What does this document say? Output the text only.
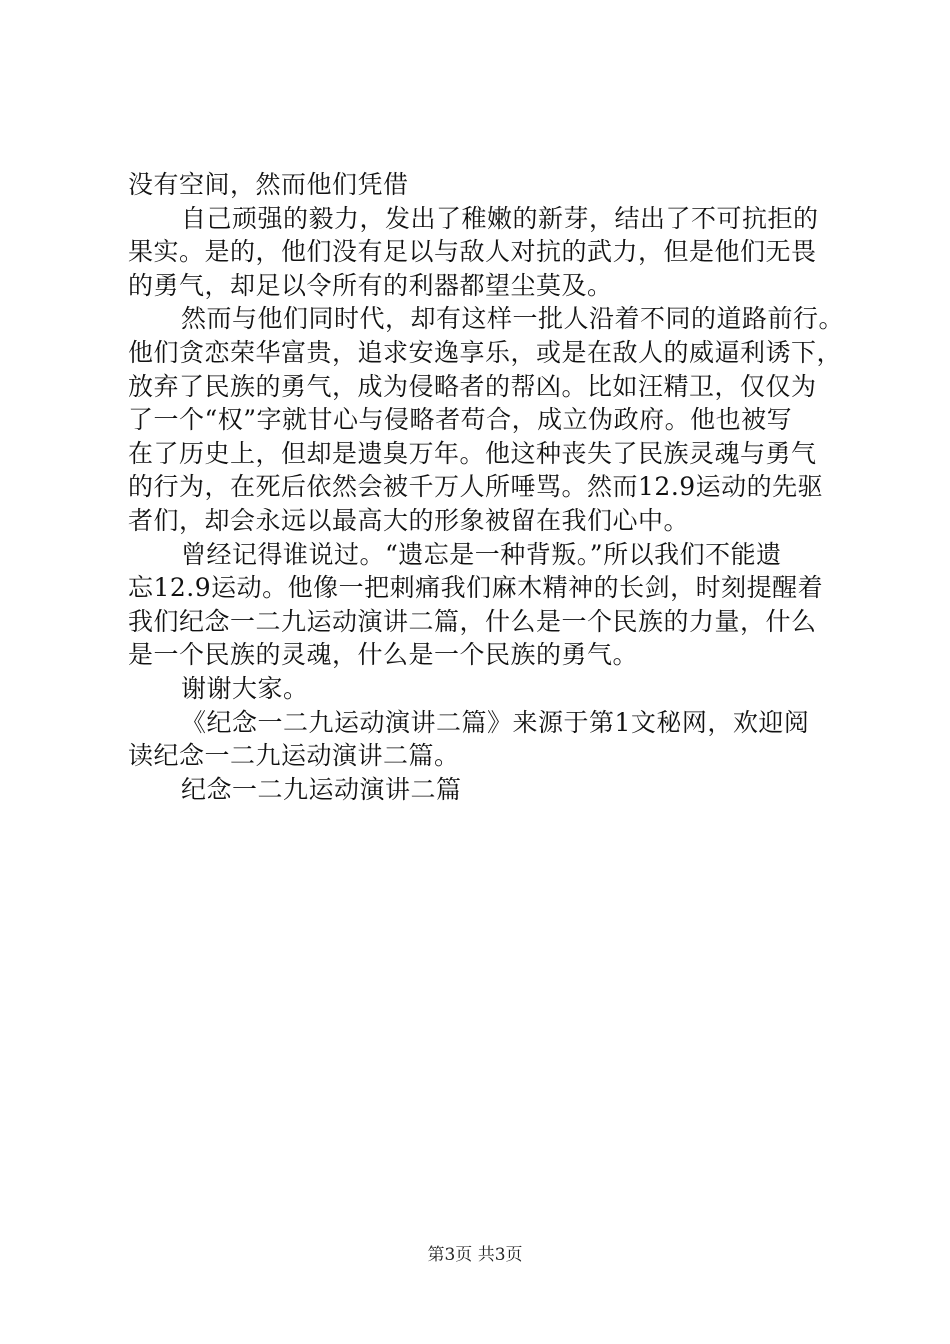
没有空间，然而他们凭借
自己顽强的毅力，发出了稚嫩的新芽，结出了不可抗拒的
果实。是的，他们没有足以与敌人对抗的武力，但是他们无畏
的勇气，却足以令所有的利器都望尘莫及。
然而与他们同时代，却有这样一批人沿着不同的道路前行。
他们贪恋荣华富贵，追求安逸享乐，或是在敌人的威逼利诱下，
放弃了民族的勇气，成为侵略者的帮凶。比如汪精卫，仅仅为
了一个“权”字就甘心与侵略者苟合，成立伪政府。他也被写
在了历史上，但却是遗臭万年。他这种丧失了民族灵魂与勇气
的行为，在死后依然会被千万人所唾骂。然而12.9运动的先驱
者们，却会永远以最高大的形象被留在我们心中。
曾经记得谁说过。“遗忘是一种背叛。”所以我们不能遗
忘12.9运动。他像一把刺痛我们麻木精神的长剑，时刻提醒着
我们纪念一二九运动演讲二篇，什么是一个民族的力量，什么
是一个民族的灵魂，什么是一个民族的勇气。
谢谢大家。
《纪念一二九运动演讲二篇》来源于第1文秘网，欢迎阅
读纪念一二九运动演讲二篇。
纪念一二九运动演讲二篇
第3页 共3页
